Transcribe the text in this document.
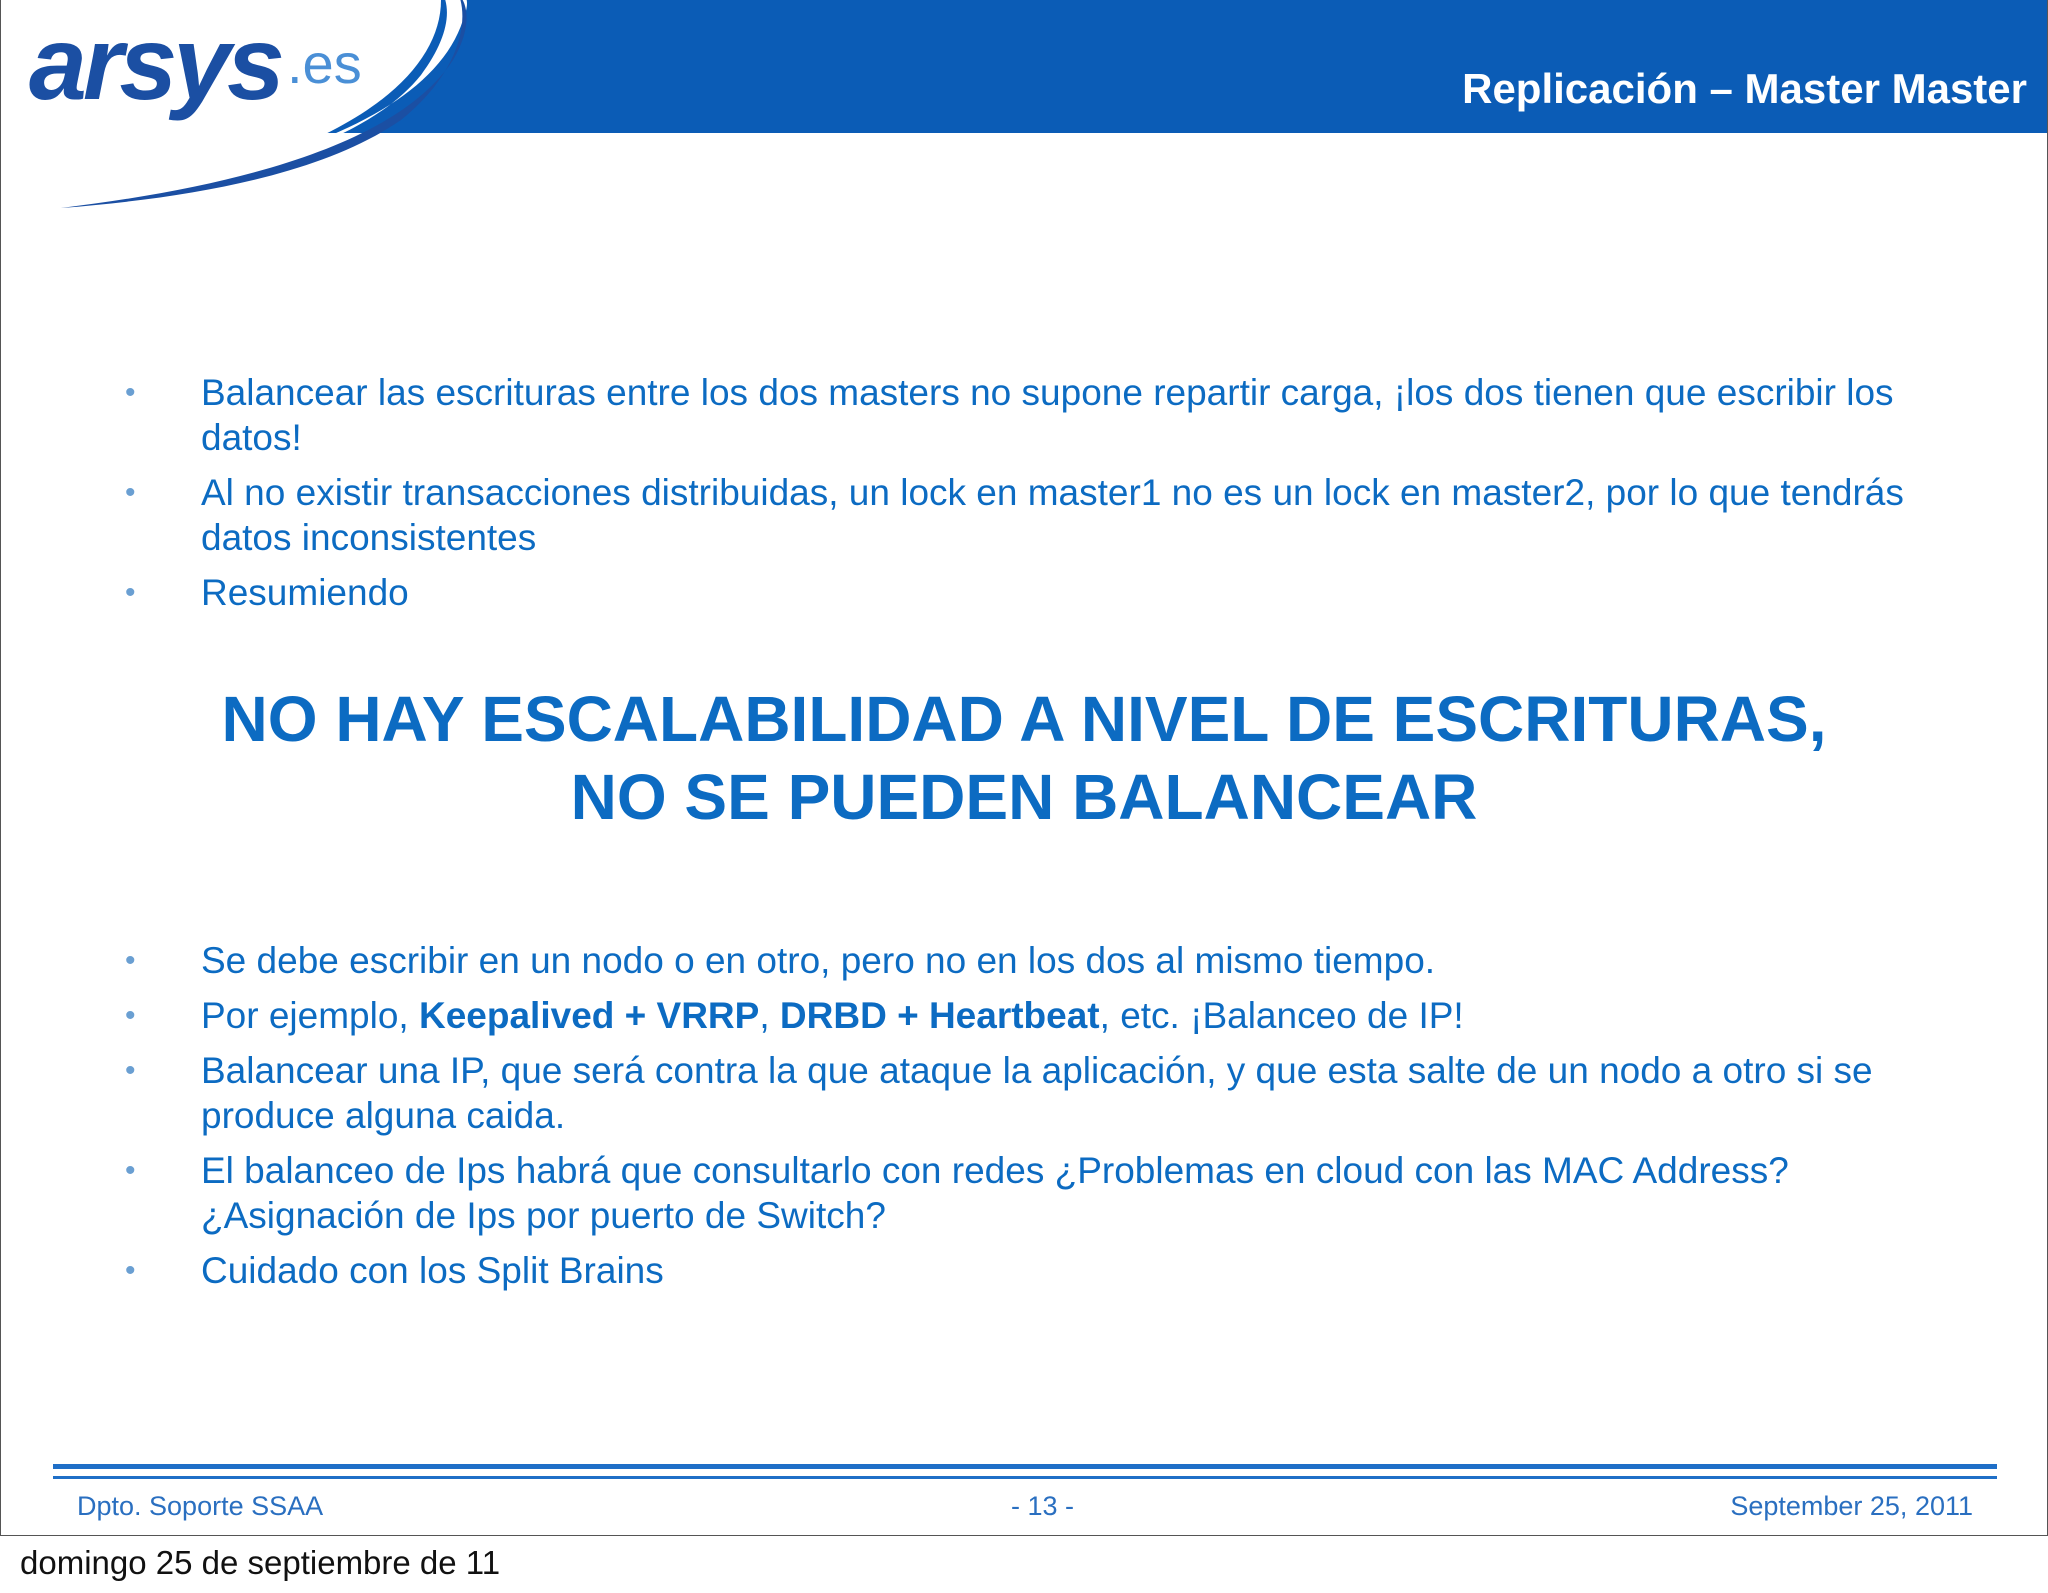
arsys .es	Replicación – Master Master
• Balancear las escrituras entre los dos masters no supone repartir carga, ¡los dos tienen que escribir los datos!
• Al no existir transacciones distribuidas, un lock en master1 no es un lock en master2, por lo que tendrás datos inconsistentes
• Resumiendo
NO HAY ESCALABILIDAD A NIVEL DE ESCRITURAS,
NO SE PUEDEN BALANCEAR
• Se debe escribir en un nodo o en otro, pero no en los dos al mismo tiempo.
• Por ejemplo, Keepalived + VRRP, DRBD + Heartbeat, etc. ¡Balanceo de IP!
• Balancear una IP, que será contra la que ataque la aplicación, y que esta salte de un nodo a otro si se produce alguna caida.
• El balanceo de Ips habrá que consultarlo con redes ¿Problemas en cloud con las MAC Address? ¿Asignación de Ips por puerto de Switch?
• Cuidado con los Split Brains
Dpto. Soporte SSAA	- 13 -	September 25, 2011
domingo 25 de septiembre de 11
